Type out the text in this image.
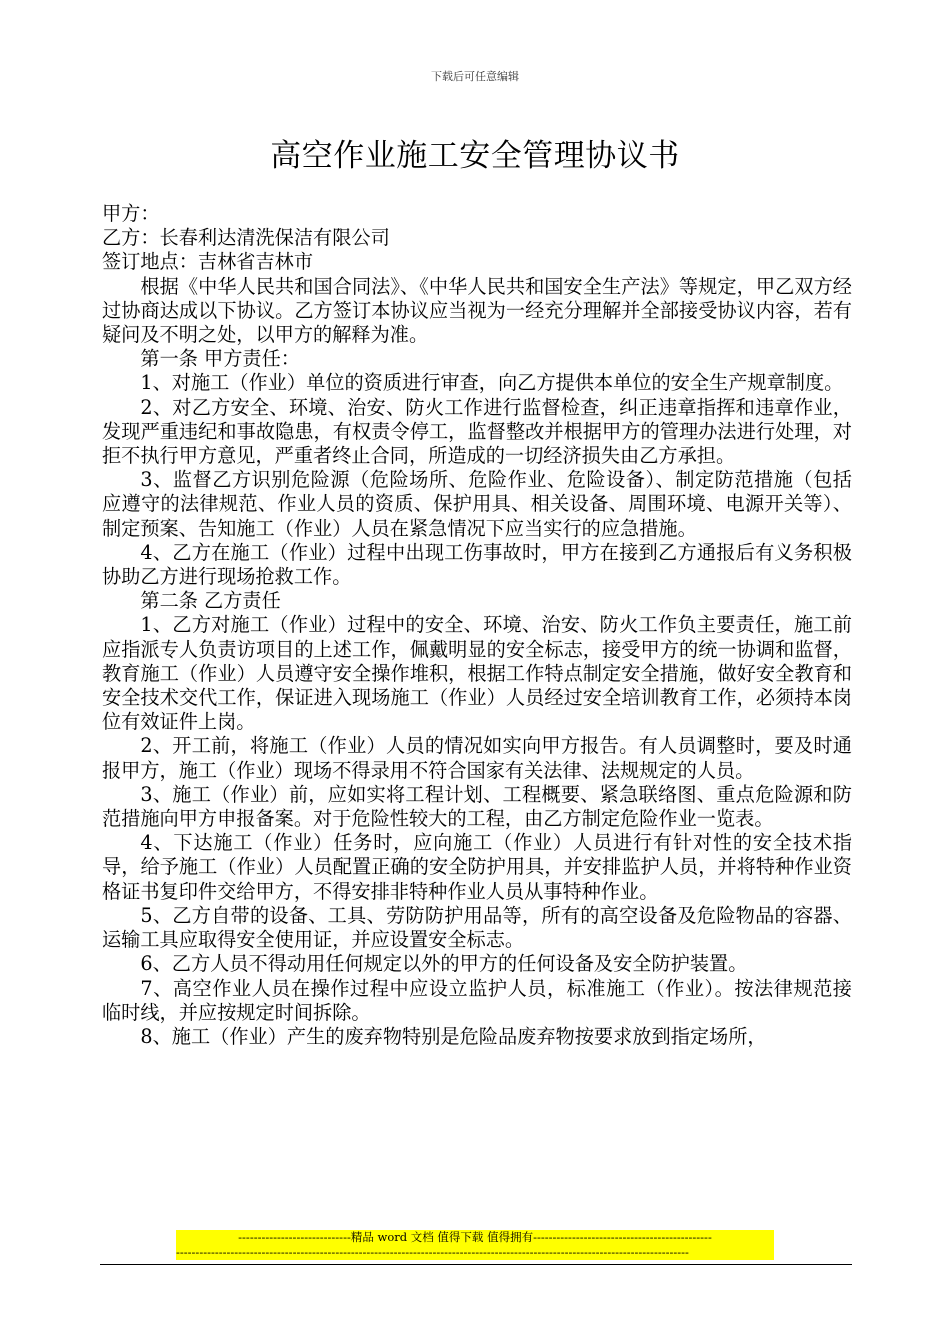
下载后可任意编辑
高空作业施工安全管理协议书

甲方：

乙方：长春利达清洗保洁有限公司

签订地点：吉林省吉林市

根据《中华人民共和国合同法》、《中华人民共和国安全生产法》等规定，甲乙双方经过协商达成以下协议。乙方签订本协议应当视为一经充分理解并全部接受协议内容，若有疑问及不明之处，以甲方的解释为准。

第一条 甲方责任：

1、对施工（作业）单位的资质进行审查，向乙方提供本单位的安全生产规章制度。

2、对乙方安全、环境、治安、防火工作进行监督检查，纠正违章指挥和违章作业，发现严重违纪和事故隐患，有权责令停工，监督整改并根据甲方的管理办法进行处理，对拒不执行甲方意见，严重者终止合同，所造成的一切经济损失由乙方承担。

3、监督乙方识别危险源（危险场所、危险作业、危险设备）、制定防范措施（包括应遵守的法律规范、作业人员的资质、保护用具、相关设备、周围环境、电源开关等）、制定预案、告知施工（作业）人员在紧急情况下应当实行的应急措施。

4、乙方在施工（作业）过程中出现工伤事故时，甲方在接到乙方通报后有义务积极协助乙方进行现场抢救工作。

第二条 乙方责任

1、乙方对施工（作业）过程中的安全、环境、治安、防火工作负主要责任，施工前应指派专人负责访项目的上述工作，佩戴明显的安全标志，接受甲方的统一协调和监督，教育施工（作业）人员遵守安全操作堆积，根据工作特点制定安全措施，做好安全教育和安全技术交代工作，保证进入现场施工（作业）人员经过安全培训教育工作，必须持本岗位有效证件上岗。

2、开工前，将施工（作业）人员的情况如实向甲方报告。有人员调整时，要及时通报甲方，施工（作业）现场不得录用不符合国家有关法律、法规规定的人员。

3、施工（作业）前，应如实将工程计划、工程概要、紧急联络图、重点危险源和防范措施向甲方申报备案。对于危险性较大的工程，由乙方制定危险作业一览表。

4、下达施工（作业）任务时，应向施工（作业）人员进行有针对性的安全技术指导，给予施工（作业）人员配置正确的安全防护用具，并安排监护人员，并将特种作业资格证书复印件交给甲方，不得安排非特种作业人员从事特种作业。

5、乙方自带的设备、工具、劳防防护用品等，所有的高空设备及危险物品的容器、运输工具应取得安全使用证，并应设置安全标志。

6、乙方人员不得动用任何规定以外的甲方的任何设备及安全防护装置。

7、高空作业人员在操作过程中应设立监护人员，标准施工（作业）。按法律规范接临时线，并应按规定时间拆除。

8、施工（作业）产生的废弃物特别是危险品废弃物按要求放到指定场所，

-----------------------------精品 word 文档 值得下载 值得拥有----------------------------------------------
------------------------------------------------------------------------------------------------------------------------------------
